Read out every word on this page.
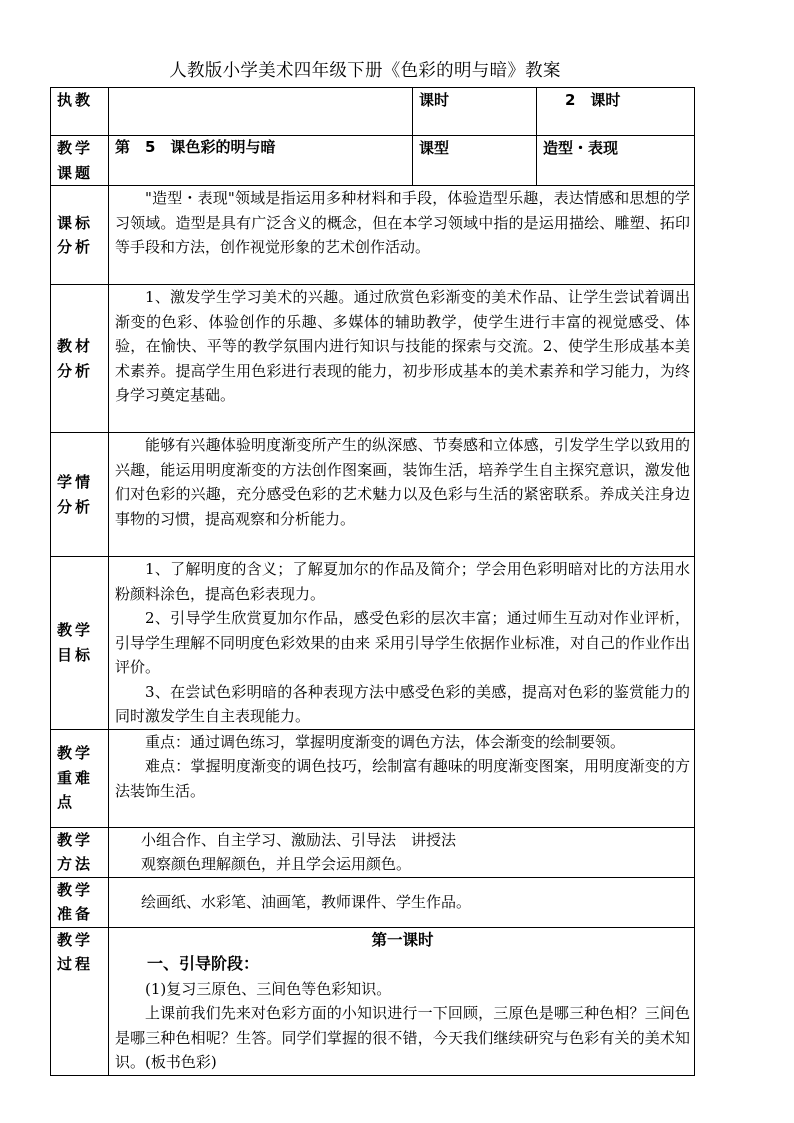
人教版小学美术四年级下册《色彩的明与暗》教案
执教		课时	2　课时
教学课题	第　5　课色彩的明与暗	课型	造型・表现
课标分析	"造型・表现"领域是指运用多种材料和手段，体验造型乐趣，表达情感和思想的学习领域。造型是具有广泛含义的概念，但在本学习领域中指的是运用描绘、雕塑、拓印等手段和方法，创作视觉形象的艺术创作活动。		

教材分析	1、激发学生学习美术的兴趣。通过欣赏色彩渐变的美术作品、让学生尝试着调出渐变的色彩、体验创作的乐趣、多媒体的辅助教学，使学生进行丰富的视觉感受、体验，在愉快、平等的教学氛围内进行知识与技能的探索与交流。2、使学生形成基本美术素养。提高学生用色彩进行表现的能力，初步形成基本的美术素养和学习能力，为终身学习奠定基础。		

学情分析	能够有兴趣体验明度渐变所产生的纵深感、节奏感和立体感，引发学生学以致用的兴趣，能运用明度渐变的方法创作图案画，装饰生活，培养学生自主探究意识，激发他们对色彩的兴趣，充分感受色彩的艺术魅力以及色彩与生活的紧密联系。养成关注身边事物的习惯，提高观察和分析能力。		

教学目标	1、了解明度的含义；了解夏加尔的作品及简介；学会用色彩明暗对比的方法用水粉颜料涂色，提高色彩表现力。

2、引导学生欣赏夏加尔作品，感受色彩的层次丰富；通过师生互动对作业评析，引导学生理解不同明度色彩效果的由来 采用引导学生依据作业标准，对自己的作业作出评价。

3、在尝试色彩明暗的各种表现方法中感受色彩的美感，提高对色彩的鉴赏能力的同时激发学生自主表现能力。		

教学重难点	重点：通过调色练习，掌握明度渐变的调色方法，体会渐变的绘制要领。

难点：掌握明度渐变的调色技巧，绘制富有趣味的明度渐变图案，用明度渐变的方法装饰生活。		

教学方法	小组合作、自主学习、激励法、引导法　讲授法

观察颜色理解颜色，并且学会运用颜色。		

教学准备	绘画纸、水彩笔、油画笔，教师课件、学生作品。		

教学过程	第一课时

一、引导阶段：

(1)复习三原色、三间色等色彩知识。

上课前我们先来对色彩方面的小知识进行一下回顾，三原色是哪三种色相？三间色是哪三种色相呢？生答。同学们掌握的很不错，今天我们继续研究与色彩有关的美术知识。(板书色彩)		
